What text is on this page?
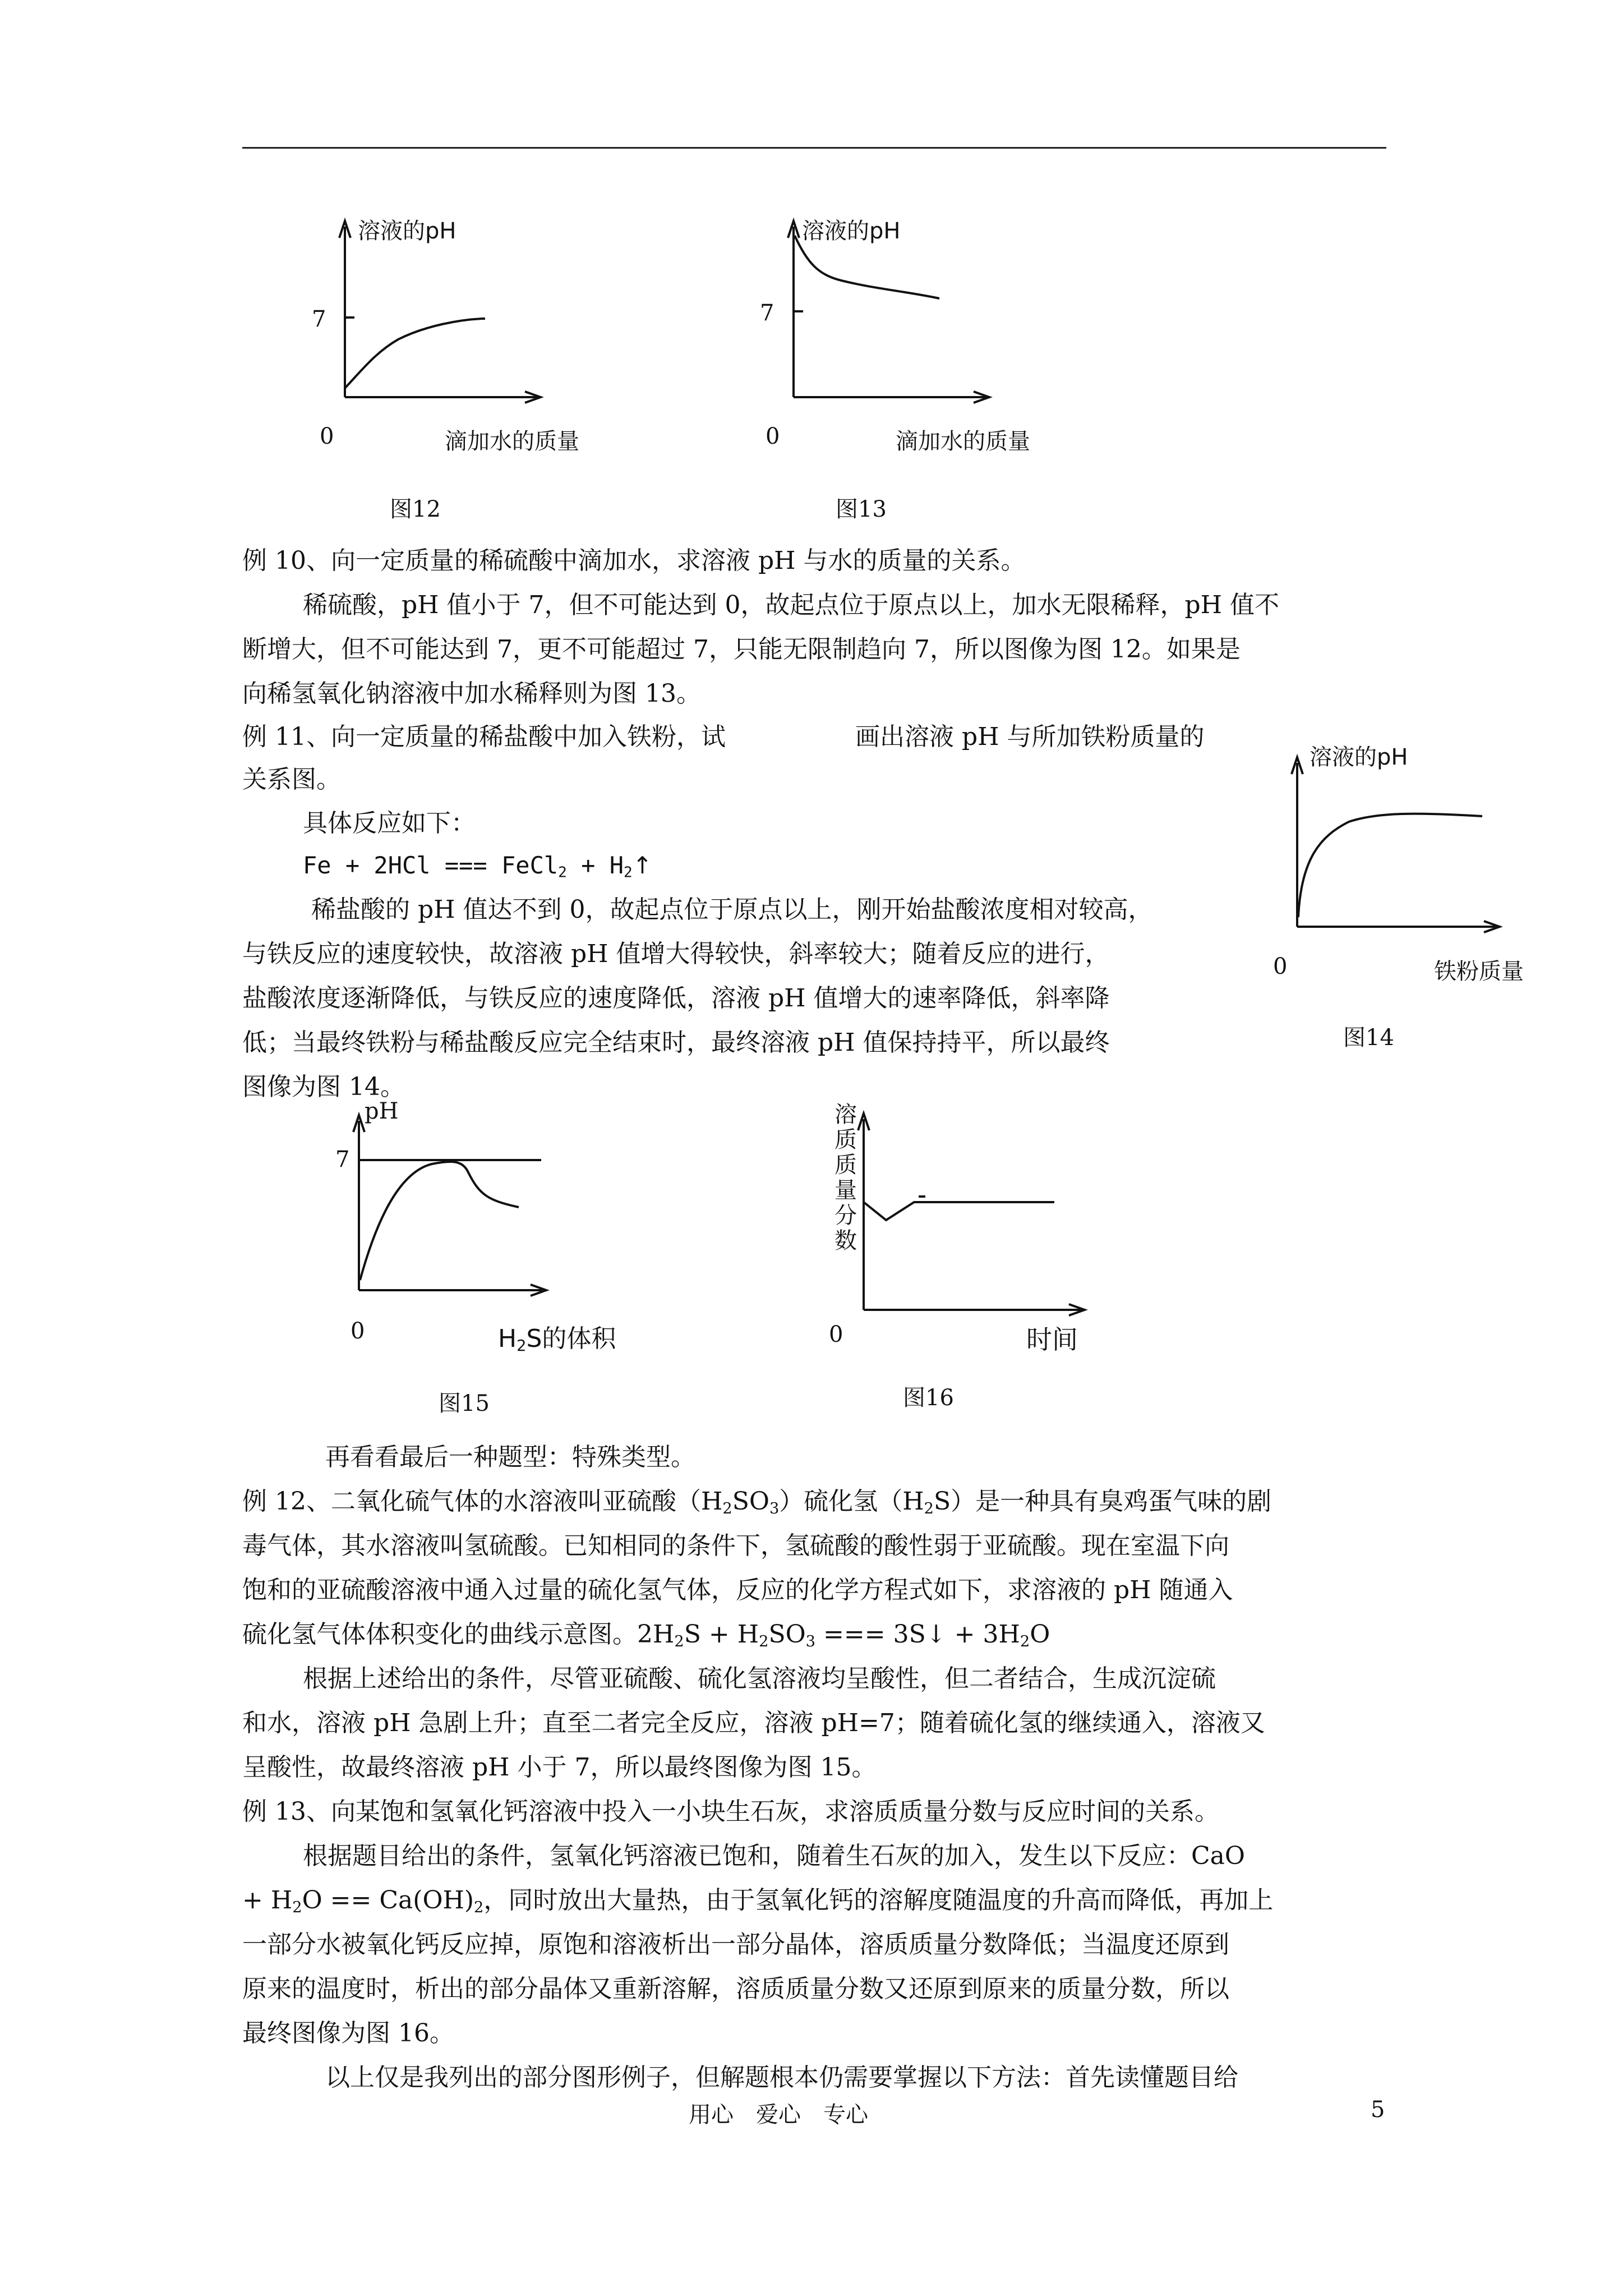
溶液的pH
7
0	滴加水的质量
图12
溶液的pH
7
0	滴加水的质量
图13
例 10、向一定质量的稀硫酸中滴加水，求溶液 pH 与水的质量的关系。
稀硫酸，pH 值小于 7，但不可能达到 0，故起点位于原点以上，加水无限稀释，pH 值不
断增大，但不可能达到 7，更不可能超过 7，只能无限制趋向 7，所以图像为图 12。如果是
向稀氢氧化钠溶液中加水稀释则为图 13。
例 11、向一定质量的稀盐酸中加入铁粉，试	画出溶液 pH 与所加铁粉质量的
关系图。
具体反应如下：
Fe + 2HCl === FeCl$_2$ + $H_2↑$
稀盐酸的 pH 值达不到 0，故起点位于原点以上，刚开始盐酸浓度相对较高，
与铁反应的速度较快，故溶液 pH 值增大得较快，斜率较大；随着反应的进行，
盐酸浓度逐渐降低，与铁反应的速度降低，溶液 pH 值增大的速率降低，斜率降
低；当最终铁粉与稀盐酸反应完全结束时，最终溶液 pH 值保持持平，所以最终
图像为图 14。
溶液的pH
0	铁粉质量
图14
pH
7
0	$H_2S$的体积
图15
溶
质
质
量
分
数
0	时间
图16
再看看最后一种题型：特殊类型。
例 12、二氧化硫气体的水溶液叫亚硫酸$(H_2SO_3)$硫化氢$(H_2S)$是一种具有臭鸡蛋气味的剧
毒气体，其水溶液叫氢硫酸。已知相同的条件下，氢硫酸的酸性弱于亚硫酸。现在室温下向
饱和的亚硫酸溶液中通入过量的硫化氢气体，反应的化学方程式如下，求溶液的 pH 随通入
硫化氢气体体积变化的曲线示意图。$2H_2S + H_2SO_3$ === 3S↓ + $3H_2O$
根据上述给出的条件，尽管亚硫酸、硫化氢溶液均呈酸性，但二者结合，生成沉淀硫
和水，溶液 pH 急剧上升；直至二者完全反应，溶液 pH=7；随着硫化氢的继续通入，溶液又
呈酸性，故最终溶液 pH 小于 7，所以最终图像为图 15。
例 13、向某饱和氢氧化钙溶液中投入一小块生石灰，求溶质质量分数与反应时间的关系。
根据题目给出的条件，氢氧化钙溶液已饱和，随着生石灰的加入，发生以下反应：CaO
+ $H_2O == Ca(OH)_2$，同时放出大量热，由于氢氧化钙的溶解度随温度的升高而降低，再加上
一部分水被氧化钙反应掉，原饱和溶液析出一部分晶体，溶质质量分数降低；当温度还原到
原来的温度时，析出的部分晶体又重新溶解，溶质质量分数又还原到原来的质量分数，所以
最终图像为图 16。
以上仅是我列出的部分图形例子，但解题根本仍需要掌握以下方法：首先读懂题目给
用心　爱心　专心	5
